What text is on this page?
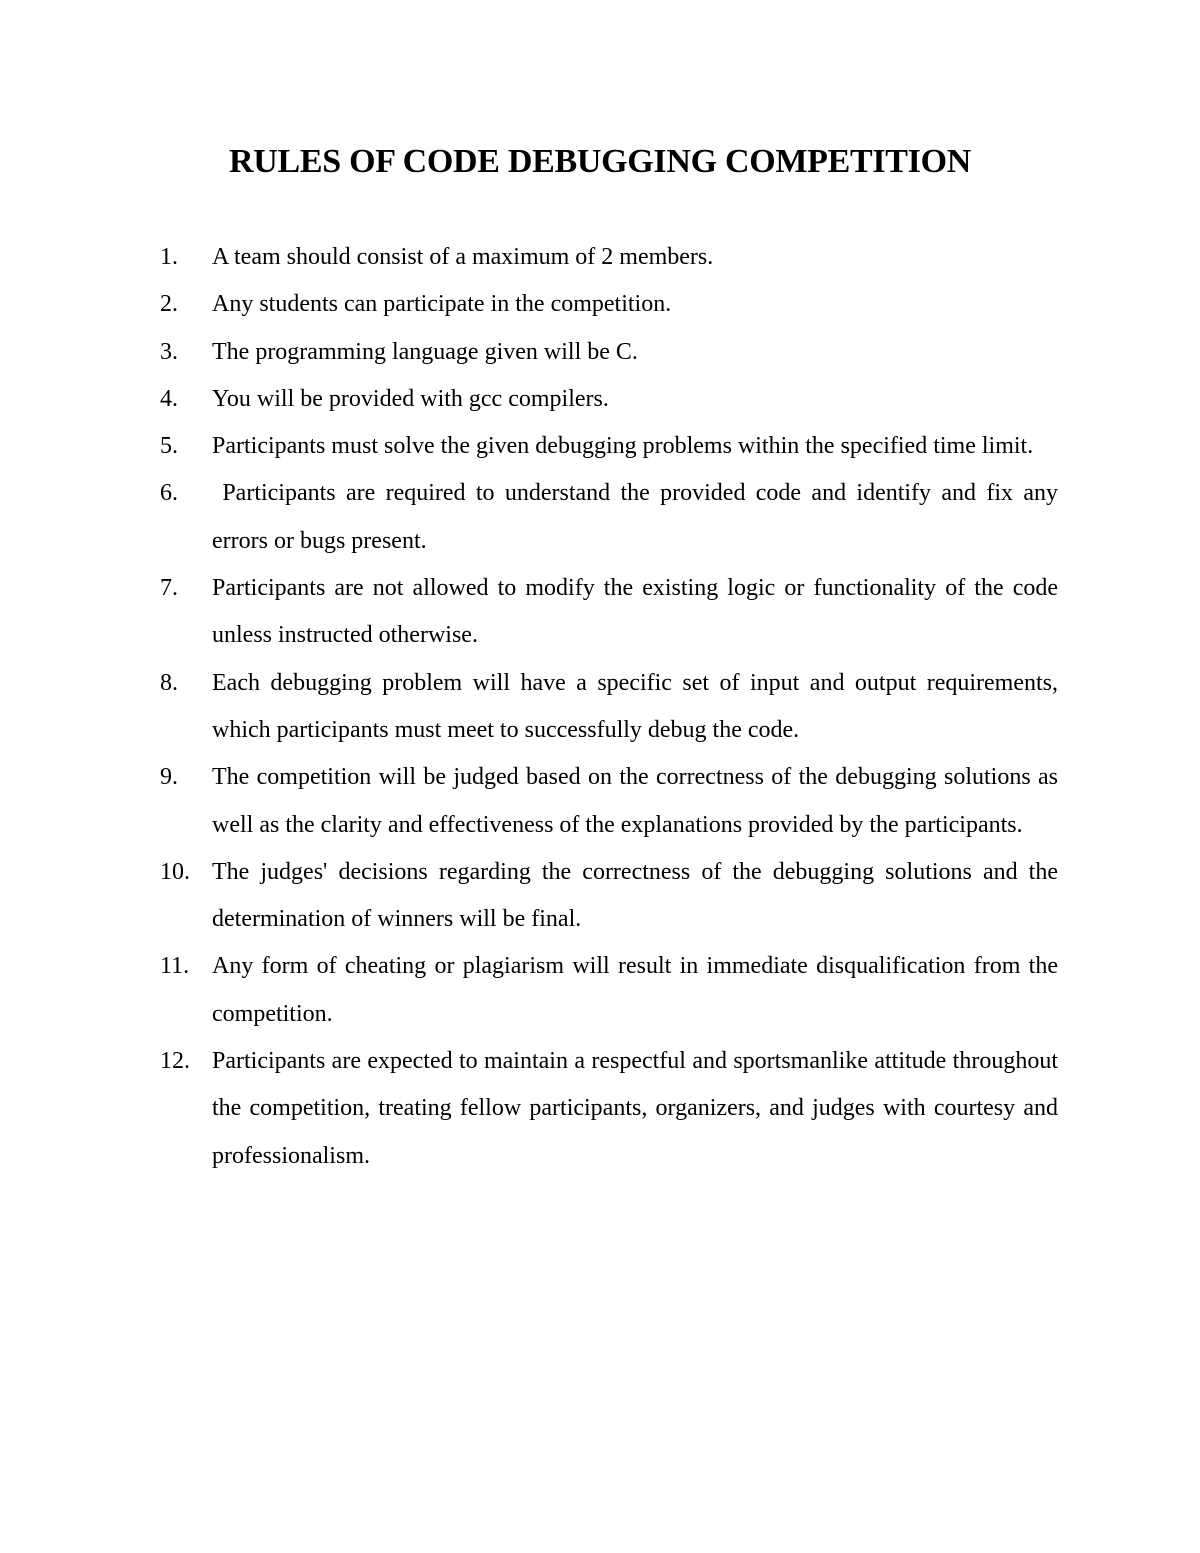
RULES OF CODE DEBUGGING COMPETITION
1.	A team should consist of a maximum of 2 members.
2.	Any students can participate in the competition.
3.	The programming language given will be C.
4.	You will be provided with gcc compilers.
5.	Participants must solve the given debugging problems within the specified time limit.
6.	Participants are required to understand the provided code and identify and fix any errors or bugs present.
7.	Participants are not allowed to modify the existing logic or functionality of the code unless instructed otherwise.
8.	Each debugging problem will have a specific set of input and output requirements, which participants must meet to successfully debug the code.
9.	The competition will be judged based on the correctness of the debugging solutions as well as the clarity and effectiveness of the explanations provided by the participants.
10. The judges' decisions regarding the correctness of the debugging solutions and the determination of winners will be final.
11. Any form of cheating or plagiarism will result in immediate disqualification from the competition.
12. Participants are expected to maintain a respectful and sportsmanlike attitude throughout the competition, treating fellow participants, organizers, and judges with courtesy and professionalism.
